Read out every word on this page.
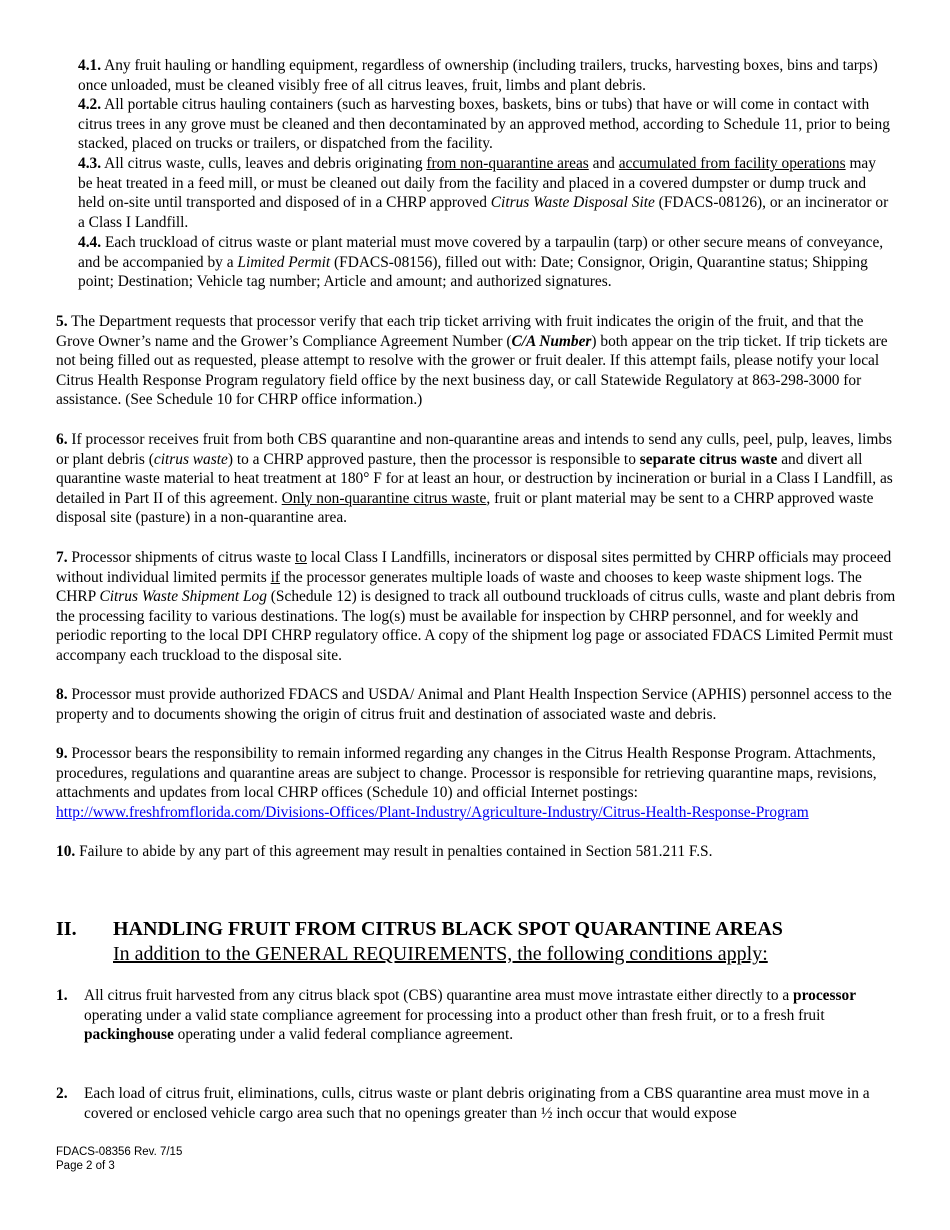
4.1. Any fruit hauling or handling equipment, regardless of ownership (including trailers, trucks, harvesting boxes, bins and tarps) once unloaded, must be cleaned visibly free of all citrus leaves, fruit, limbs and plant debris.

4.2. All portable citrus hauling containers (such as harvesting boxes, baskets, bins or tubs) that have or will come in contact with citrus trees in any grove must be cleaned and then decontaminated by an approved method, according to Schedule 11, prior to being stacked, placed on trucks or trailers, or dispatched from the facility.

4.3. All citrus waste, culls, leaves and debris originating from non-quarantine areas and accumulated from facility operations may be heat treated in a feed mill, or must be cleaned out daily from the facility and placed in a covered dumpster or dump truck and held on-site until transported and disposed of in a CHRP approved Citrus Waste Disposal Site (FDACS-08126), or an incinerator or a Class I Landfill.

4.4. Each truckload of citrus waste or plant material must move covered by a tarpaulin (tarp) or other secure means of conveyance, and be accompanied by a Limited Permit (FDACS-08156), filled out with: Date; Consignor, Origin, Quarantine status; Shipping point; Destination; Vehicle tag number; Article and amount; and authorized signatures.

5. The Department requests that processor verify that each trip ticket arriving with fruit indicates the origin of the fruit, and that the Grove Owner’s name and the Grower’s Compliance Agreement Number (C/A Number) both appear on the trip ticket. If trip tickets are not being filled out as requested, please attempt to resolve with the grower or fruit dealer. If this attempt fails, please notify your local Citrus Health Response Program regulatory field office by the next business day, or call Statewide Regulatory at 863-298-3000 for assistance. (See Schedule 10 for CHRP office information.)

6. If processor receives fruit from both CBS quarantine and non-quarantine areas and intends to send any culls, peel, pulp, leaves, limbs or plant debris (citrus waste) to a CHRP approved pasture, then the processor is responsible to separate citrus waste and divert all quarantine waste material to heat treatment at 180° F for at least an hour, or destruction by incineration or burial in a Class I Landfill, as detailed in Part II of this agreement. Only non-quarantine citrus waste, fruit or plant material may be sent to a CHRP approved waste disposal site (pasture) in a non-quarantine area.

7. Processor shipments of citrus waste to local Class I Landfills, incinerators or disposal sites permitted by CHRP officials may proceed without individual limited permits if the processor generates multiple loads of waste and chooses to keep waste shipment logs. The CHRP Citrus Waste Shipment Log (Schedule 12) is designed to track all outbound truckloads of citrus culls, waste and plant debris from the processing facility to various destinations. The log(s) must be available for inspection by CHRP personnel, and for weekly and periodic reporting to the local DPI CHRP regulatory office. A copy of the shipment log page or associated FDACS Limited Permit must accompany each truckload to the disposal site.

8. Processor must provide authorized FDACS and USDA/ Animal and Plant Health Inspection Service (APHIS) personnel access to the property and to documents showing the origin of citrus fruit and destination of associated waste and debris.

9. Processor bears the responsibility to remain informed regarding any changes in the Citrus Health Response Program. Attachments, procedures, regulations and quarantine areas are subject to change. Processor is responsible for retrieving quarantine maps, revisions, attachments and updates from local CHRP offices (Schedule 10) and official Internet postings:
http://www.freshfromflorida.com/Divisions-Offices/Plant-Industry/Agriculture-Industry/Citrus-Health-Response-Program

10. Failure to abide by any part of this agreement may result in penalties contained in Section 581.211 F.S.

II. HANDLING FRUIT FROM CITRUS BLACK SPOT QUARANTINE AREAS
In addition to the GENERAL REQUIREMENTS, the following conditions apply:
1. All citrus fruit harvested from any citrus black spot (CBS) quarantine area must move intrastate either directly to a processor operating under a valid state compliance agreement for processing into a product other than fresh fruit, or to a fresh fruit packinghouse operating under a valid federal compliance agreement.

2. Each load of citrus fruit, eliminations, culls, citrus waste or plant debris originating from a CBS quarantine area must move in a covered or enclosed vehicle cargo area such that no openings greater than ½ inch occur that would expose

FDACS-08356 Rev. 7/15
Page 2 of 3
